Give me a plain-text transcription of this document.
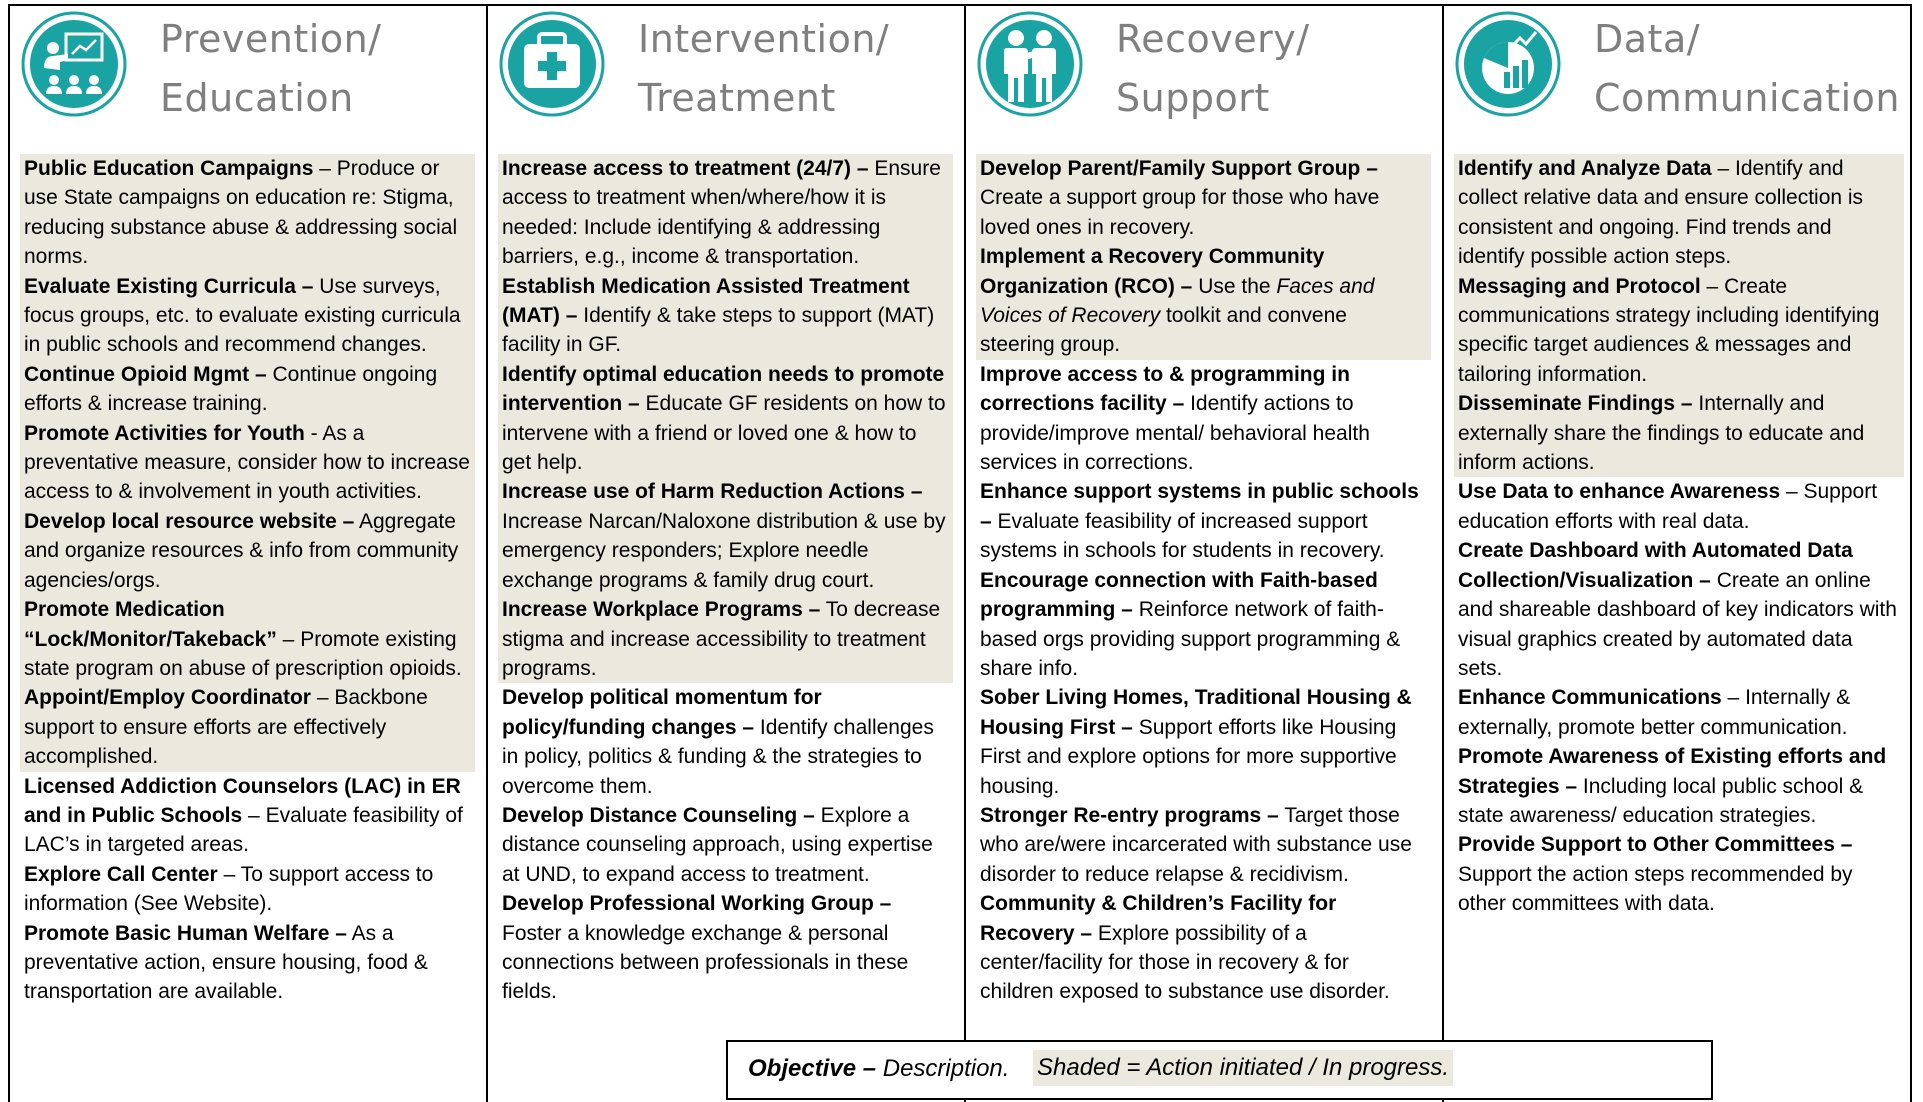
Prevention/
Education
Public Education Campaigns – Produce or use State campaigns on education re: Stigma, reducing substance abuse & addressing social norms.
Evaluate Existing Curricula – Use surveys, focus groups, etc. to evaluate existing curricula in public schools and recommend changes.
Continue Opioid Mgmt – Continue ongoing efforts & increase training.
Promote Activities for Youth - As a preventative measure, consider how to increase access to & involvement in youth activities.
Develop local resource website – Aggregate and organize resources & info from community agencies/orgs.
Promote Medication “Lock/Monitor/Takeback” – Promote existing state program on abuse of prescription opioids.
Appoint/Employ Coordinator – Backbone support to ensure efforts are effectively accomplished.
Licensed Addiction Counselors (LAC) in ER and in Public Schools – Evaluate feasibility of LAC’s in targeted areas.
Explore Call Center – To support access to information (See Website).
Promote Basic Human Welfare – As a preventative action, ensure housing, food & transportation are available.
Intervention/
Treatment
Increase access to treatment (24/7) – Ensure access to treatment when/where/how it is needed: Include identifying & addressing barriers, e.g., income & transportation.
Establish Medication Assisted Treatment (MAT) – Identify & take steps to support (MAT) facility in GF.
Identify optimal education needs to promote intervention – Educate GF residents on how to intervene with a friend or loved one & how to get help.
Increase use of Harm Reduction Actions – Increase Narcan/Naloxone distribution & use by emergency responders; Explore needle exchange programs & family drug court.
Increase Workplace Programs – To decrease stigma and increase accessibility to treatment programs.
Develop political momentum for policy/funding changes – Identify challenges in policy, politics & funding & the strategies to overcome them.
Develop Distance Counseling – Explore a distance counseling approach, using expertise at UND, to expand access to treatment.
Develop Professional Working Group – Foster a knowledge exchange & personal connections between professionals in these fields.
Recovery/
Support
Develop Parent/Family Support Group – Create a support group for those who have loved ones in recovery.
Implement a Recovery Community Organization (RCO) – Use the Faces and Voices of Recovery toolkit and convene steering group.
Improve access to & programming in corrections facility – Identify actions to provide/improve mental/ behavioral health services in corrections.
Enhance support systems in public schools – Evaluate feasibility of increased support systems in schools for students in recovery.
Encourage connection with Faith-based programming – Reinforce network of faith-based orgs providing support programming & share info.
Sober Living Homes, Traditional Housing & Housing First – Support efforts like Housing First and explore options for more supportive housing.
Stronger Re-entry programs – Target those who are/were incarcerated with substance use disorder to reduce relapse & recidivism.
Community & Children’s Facility for Recovery – Explore possibility of a center/facility for those in recovery & for children exposed to substance use disorder.
Data/
Communication
Identify and Analyze Data – Identify and collect relative data and ensure collection is consistent and ongoing. Find trends and identify possible action steps.
Messaging and Protocol – Create communications strategy including identifying specific target audiences & messages and tailoring information.
Disseminate Findings – Internally and externally share the findings to educate and inform actions.
Use Data to enhance Awareness – Support education efforts with real data.
Create Dashboard with Automated Data Collection/Visualization – Create an online and shareable dashboard of key indicators with visual graphics created by automated data sets.
Enhance Communications – Internally & externally, promote better communication.
Promote Awareness of Existing efforts and Strategies – Including local public school & state awareness/ education strategies.
Provide Support to Other Committees – Support the action steps recommended by other committees with data.
Objective – Description. Shaded = Action initiated / In progress.
